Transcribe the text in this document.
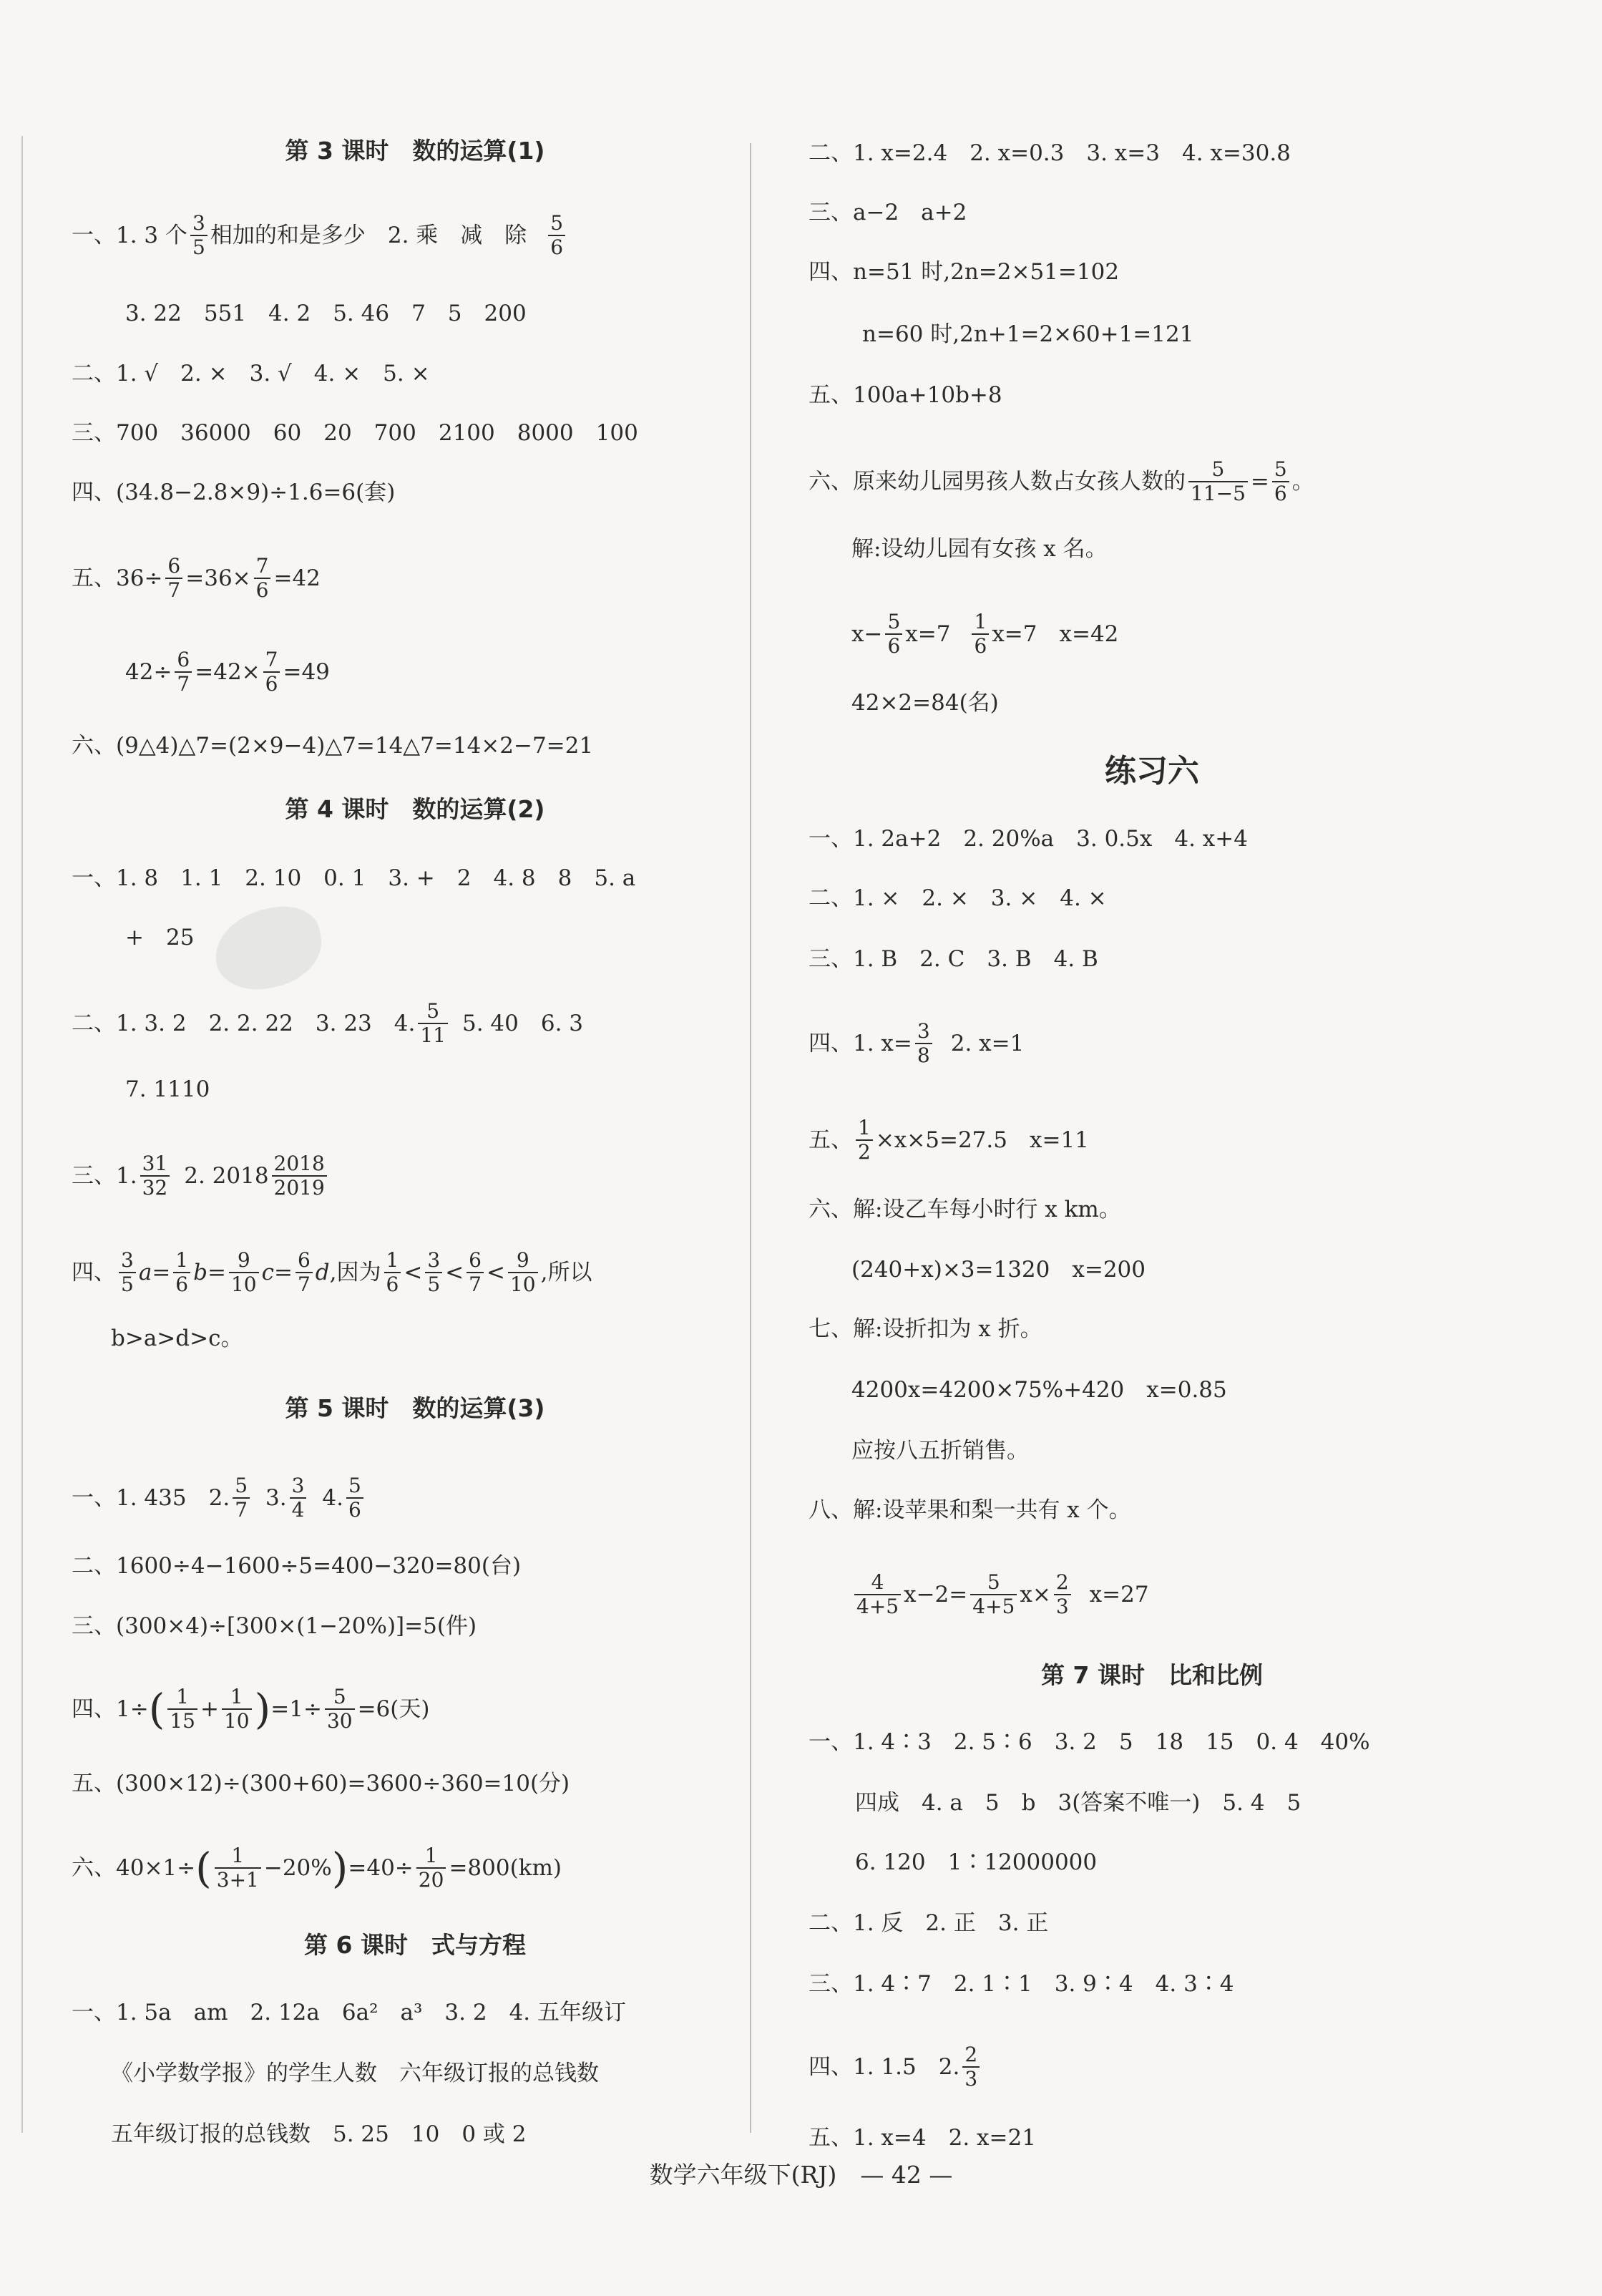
第 3 课时　数的运算(1)
一、1. 3 个 $\frac{3}{5}$ 相加的和是多少　2. 乘　减　除 $\frac{5}{6}$
3. 22　551　4. 2　5. 46　7　5　200
二、1. √　2. ×　3. √　4. ×　5. ×
三、700　36000　60　20　700　2100　8000　100
四、(34.8−2.8×9)÷1.6=6(套)
五、$36\div \frac{6}{7} =36\times \frac{7}{6} =42$
$42\div \frac{6}{7} =42\times \frac{7}{6} =49$
六、(9△4)△7=(2×9−4)△7=14△7=14×2−7=21
第 4 课时　数的运算(2)
一、1. 8　1. 1　2. 10　0. 1　3. +　2　4. 8　8　5. a
+　25
二、1. 3. 2　2. 2. 22　3. 23　4. $\frac{5}{11} 5$. 40　6. 3
7. 1110
三、1. $\frac{31}{32} 2$. $2018 \frac{2018}{2019}$
四、 $\frac{3}{5}$ $a = \frac{1}{6}$ $b = \frac{9}{10}$ $c = \frac{6}{7}$ d ,因为 $\frac{1}{6} < \frac{3}{5} < \frac{6}{7} < \frac{9}{10}$ ,所以
b>a>d>c。
第 5 课时　数的运算(3)
一、1. 435　2. $\frac{5}{7} 3$. $\frac{3}{4} 4$. $\frac{5}{6}$
二、1600÷4−1600÷5=400−320=80(台)
三、(300×4)÷[300×(1−20%)]=5(件)
四、1÷ ( $\frac{1}{15} + \frac{1}{10}$ ) $=1\div \frac{5}{30} =6$(天)
五、(300×12)÷(300+60)=3600÷360=10(分)
六、40×1÷ ( $\frac{1}{3+1} -20\%$ ) $=40\div \frac{1}{20} =800(km)$
第 6 课时　式与方程
一、1. 5a　am　2. 12a　6a²　a³　3. 2　4. 五年级订
《小学数学报》的学生人数　六年级订报的总钱数
五年级订报的总钱数　5. 25　10　0 或 2
二、1. x=2.4　2. x=0.3　3. x=3　4. x=30.8
三、a−2　a+2
四、n=51 时,2n=2×51=102
n=60 时,2n+1=2×60+1=121
五、100a+10b+8
六、原来幼儿园男孩人数占女孩人数的 $\frac{5}{11-5} = \frac{5}{6}$ 。
解:设幼儿园有女孩 x 名。
$x- \frac{5}{6} x=7 \frac{1}{6} x=7$　x=42
42×2=84(名)
练习六
一、1. 2a+2　2. 20%a　3. 0.5x　4. x+4
二、1. ×　2. ×　3. ×　4. ×
三、1. B　2. C　3. B　4. B
四、1. $x= \frac{3}{8} 2$. x=1
五、 $\frac{1}{2} \times x\times 5=27.5$　x=11
六、解:设乙车每小时行 x km。
(240+x)×3=1320　x=200
七、解:设折扣为 x 折。
4200x=4200×75%+420　x=0.85
应按八五折销售。
八、解:设苹果和梨一共有 x 个。
$\frac{4}{4+5} x-2= \frac{5}{4+5} x\times \frac{2}{3} x=27$
第 7 课时　比和比例
一、1. 4∶3　2. 5∶6　3. 2　5　18　15　0. 4　40%
四成　4. a　5　b　3(答案不唯一)　5. 4　5
6. 120　1∶12000000
二、1. 反　2. 正　3. 正
三、1. 4∶7　2. 1∶1　3. 9∶4　4. 3∶4
四、1. 1.5　2. $\frac{2}{3}$
五、1. x=4　2. x=21
数学六年级下(RJ)　— 42 —
